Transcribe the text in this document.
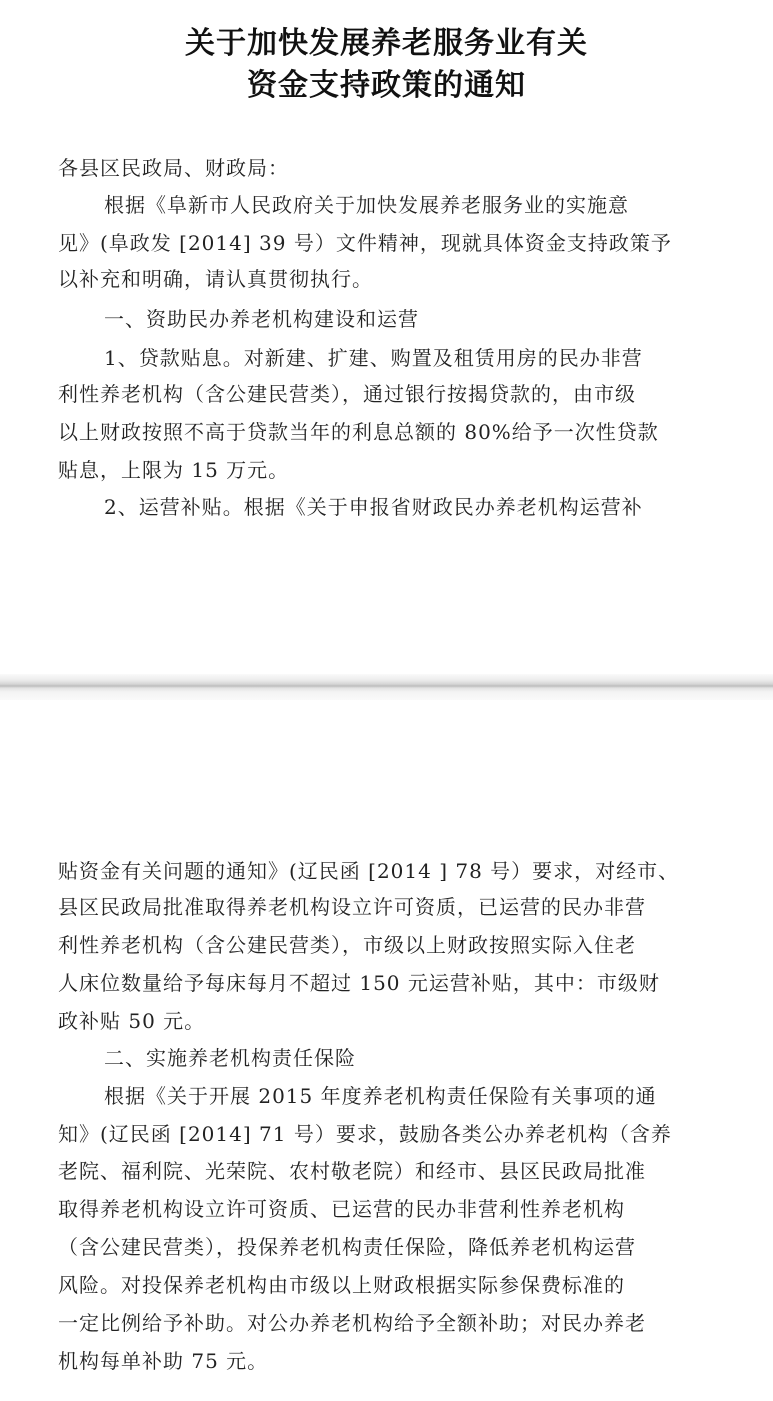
关于加快发展养老服务业有关
资金支持政策的通知
各县区民政局、财政局：
根据《阜新市人民政府关于加快发展养老服务业的实施意
见》(阜政发 [2014] 39 号）文件精神，现就具体资金支持政策予
以补充和明确，请认真贯彻执行。
一、资助民办养老机构建设和运营
1、贷款贴息。对新建、扩建、购置及租赁用房的民办非营
利性养老机构（含公建民营类），通过银行按揭贷款的，由市级
以上财政按照不高于贷款当年的利息总额的 80%给予一次性贷款
贴息，上限为 15 万元。
2、运营补贴。根据《关于申报省财政民办养老机构运营补
贴资金有关问题的通知》(辽民函 [2014 ] 78 号）要求，对经市、
县区民政局批准取得养老机构设立许可资质，已运营的民办非营
利性养老机构（含公建民营类），市级以上财政按照实际入住老
人床位数量给予每床每月不超过 150 元运营补贴，其中：市级财
政补贴 50 元。
二、实施养老机构责任保险
根据《关于开展 2015 年度养老机构责任保险有关事项的通
知》(辽民函 [2014] 71 号）要求，鼓励各类公办养老机构（含养
老院、福利院、光荣院、农村敬老院）和经市、县区民政局批准
取得养老机构设立许可资质、已运营的民办非营利性养老机构
（含公建民营类），投保养老机构责任保险，降低养老机构运营
风险。对投保养老机构由市级以上财政根据实际参保费标准的
一定比例给予补助。对公办养老机构给予全额补助；对民办养老
机构每单补助 75 元。
